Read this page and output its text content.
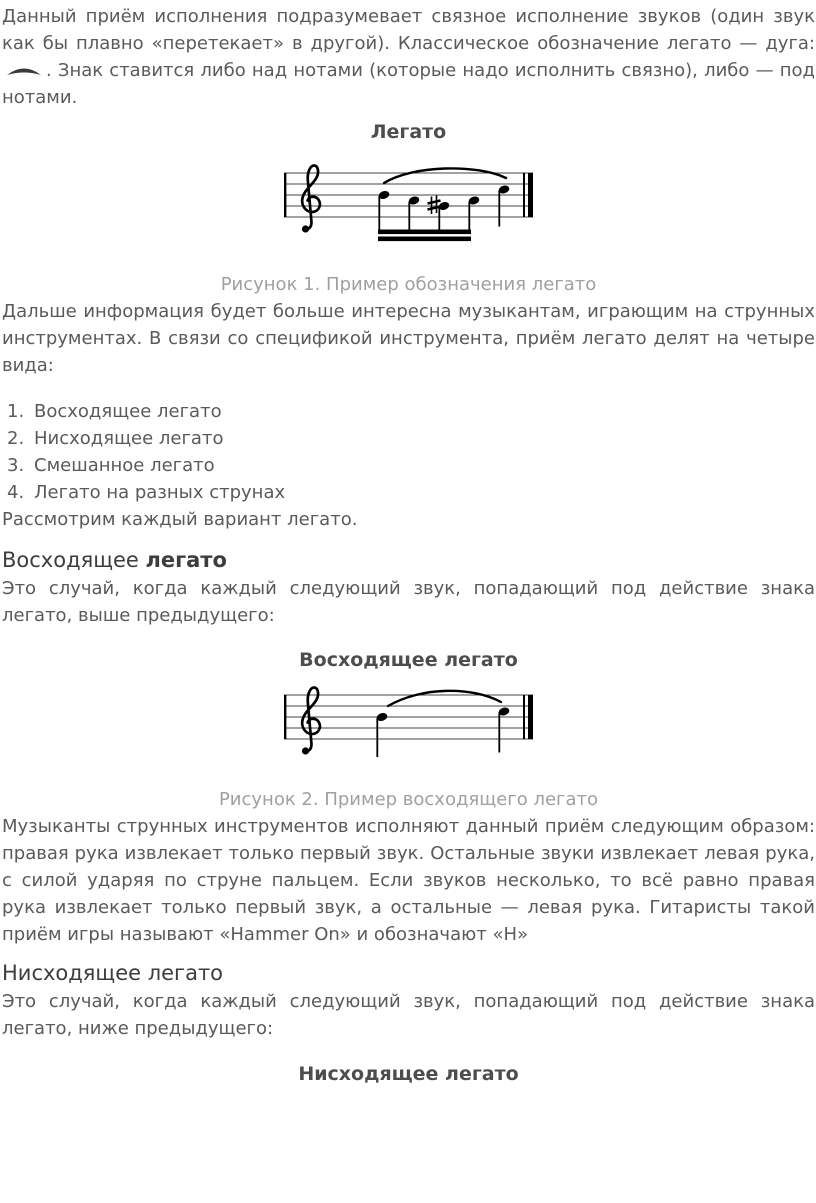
Данный приём исполнения подразумевает связное исполнение звуков (один звук как бы плавно «перетекает» в другой). Классическое обозначение легато — дуга:. Знак ставится либо над нотами (которые надо исполнить связно), либо — под нотами.

Легато

Рисунок 1. Пример обозначения легато

Дальше информация будет больше интересна музыкантам, играющим на струнных инструментах. В связи со спецификой инструмента, приём легато делят на четыре вида:

1. Восходящее легато
2. Нисходящее легато
3. Смешанное легато
4. Легато на разных струнах

Рассмотрим каждый вариант легато.

Восходящее легато

Это случай, когда каждый следующий звук, попадающий под действие знака легато, выше предыдущего:

Восходящее легато

Рисунок 2. Пример восходящего легато

Музыканты струнных инструментов исполняют данный приём следующим образом: правая рука извлекает только первый звук. Остальные звуки извлекает левая рука, с силой ударяя по струне пальцем. Если звуков несколько, то всё равно правая рука извлекает только первый звук, а остальные — левая рука. Гитаристы такой приём игры называют «Hammer On» и обозначают «H»

Нисходящее легато

Это случай, когда каждый следующий звук, попадающий под действие знака легато, ниже предыдущего:

Нисходящее легато
